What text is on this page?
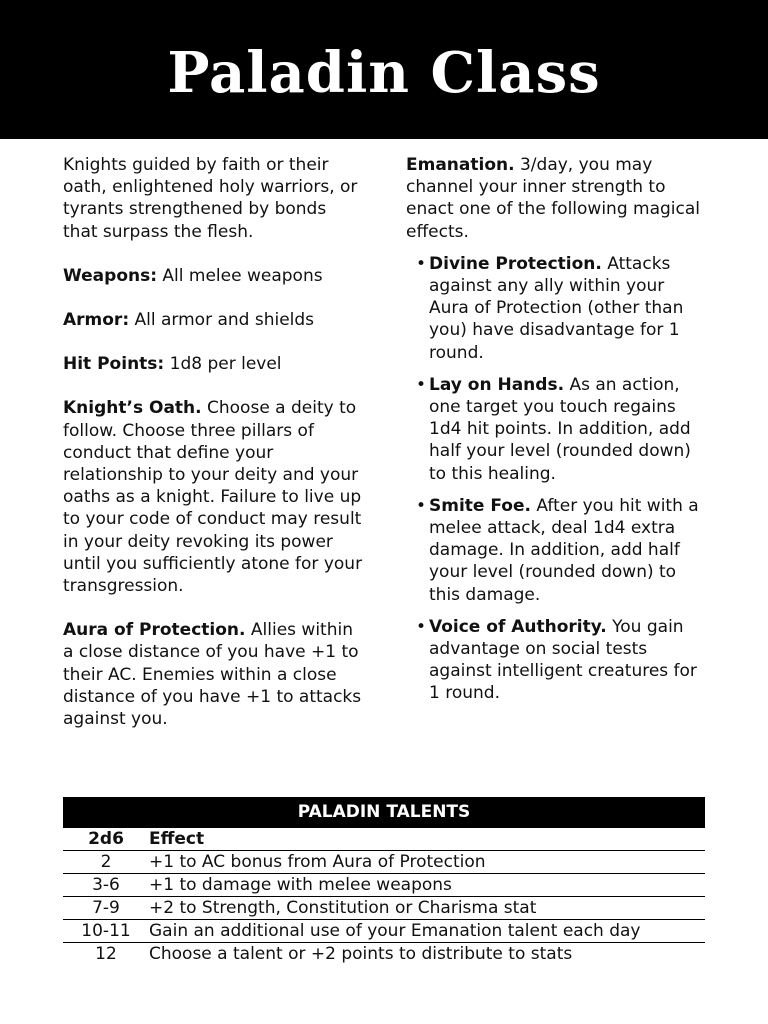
Paladin Class

Knights guided by faith or their oath, enlightened holy warriors, or tyrants strengthened by bonds that surpass the flesh.

Weapons: All melee weapons

Armor: All armor and shields

Hit Points: 1d8 per level

Knight’s Oath. Choose a deity to follow. Choose three pillars of conduct that define your relationship to your deity and your oaths as a knight. Failure to live up to your code of conduct may result in your deity revoking its power until you sufficiently atone for your transgression.

Aura of Protection. Allies within a close distance of you have +1 to their AC. Enemies within a close distance of you have +1 to attacks against you.

Emanation. 3/day, you may channel your inner strength to enact one of the following magical effects.

• Divine Protection. Attacks against any ally within your Aura of Protection (other than you) have disadvantage for 1 round.
• Lay on Hands. As an action, one target you touch regains 1d4 hit points. In addition, add half your level (rounded down) to this healing.
• Smite Foe. After you hit with a melee attack, deal 1d4 extra damage. In addition, add half your level (rounded down) to this damage.
• Voice of Authority. You gain advantage on social tests against intelligent creatures for 1 round.
PALADIN TALENTS
2d6	Effect
2	+1 to AC bonus from Aura of Protection
3-6	+1 to damage with melee weapons
7-9	+2 to Strength, Constitution or Charisma stat
10-11	Gain an additional use of your Emanation talent each day
12	Choose a talent or +2 points to distribute to stats
